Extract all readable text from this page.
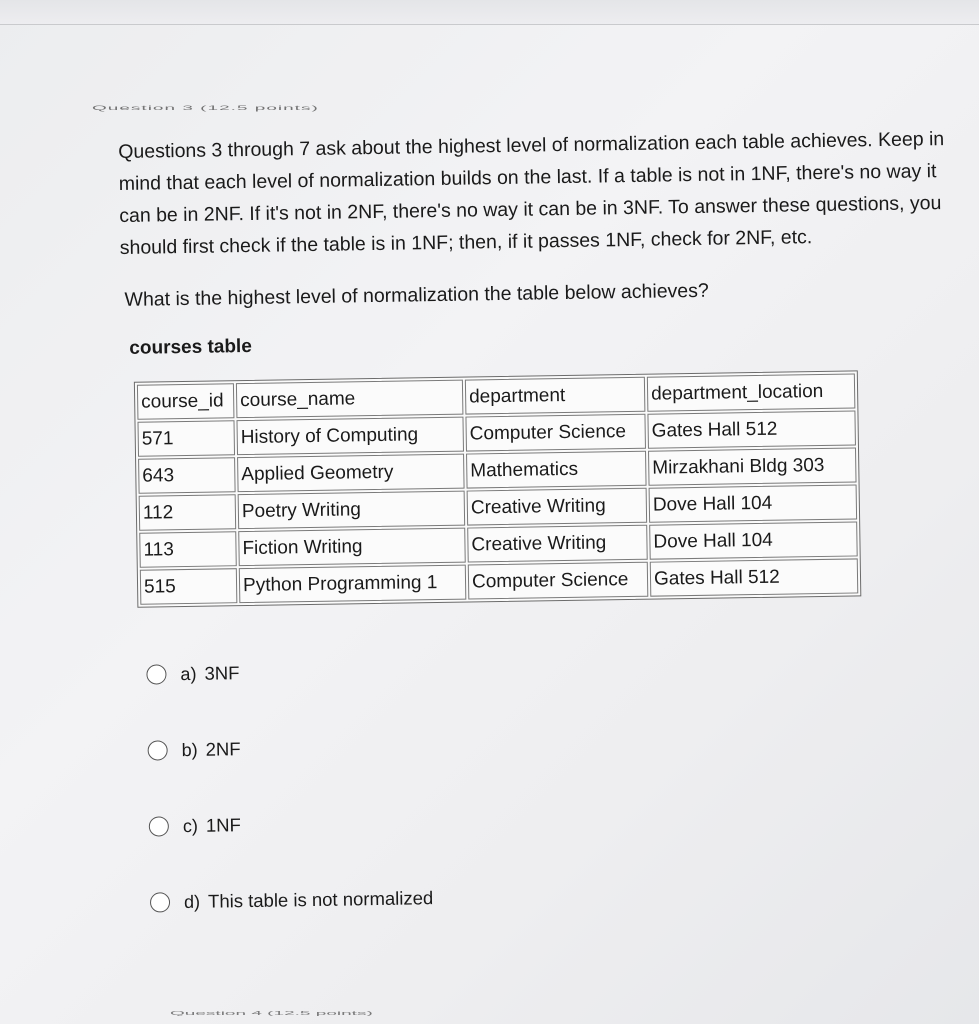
Question 3 (12.5 points)

Questions 3 through 7 ask about the highest level of normalization each table achieves. Keep in mind that each level of normalization builds on the last. If a table is not in 1NF, there's no way it can be in 2NF. If it's not in 2NF, there's no way it can be in 3NF. To answer these questions, you should first check if the table is in 1NF; then, if it passes 1NF, check for 2NF, etc.

What is the highest level of normalization the table below achieves?

courses table
course_id	course_name	department	department_location
571	History of Computing	Computer Science	Gates Hall 512
643	Applied Geometry	Mathematics	Mirzakhani Bldg 303
112	Poetry Writing	Creative Writing	Dove Hall 104
113	Fiction Writing	Creative Writing	Dove Hall 104
515	Python Programming 1	Computer Science	Gates Hall 512
a) 3NF
b) 2NF
c) 1NF
d) This table is not normalized
Question 4 (12.5 points)
